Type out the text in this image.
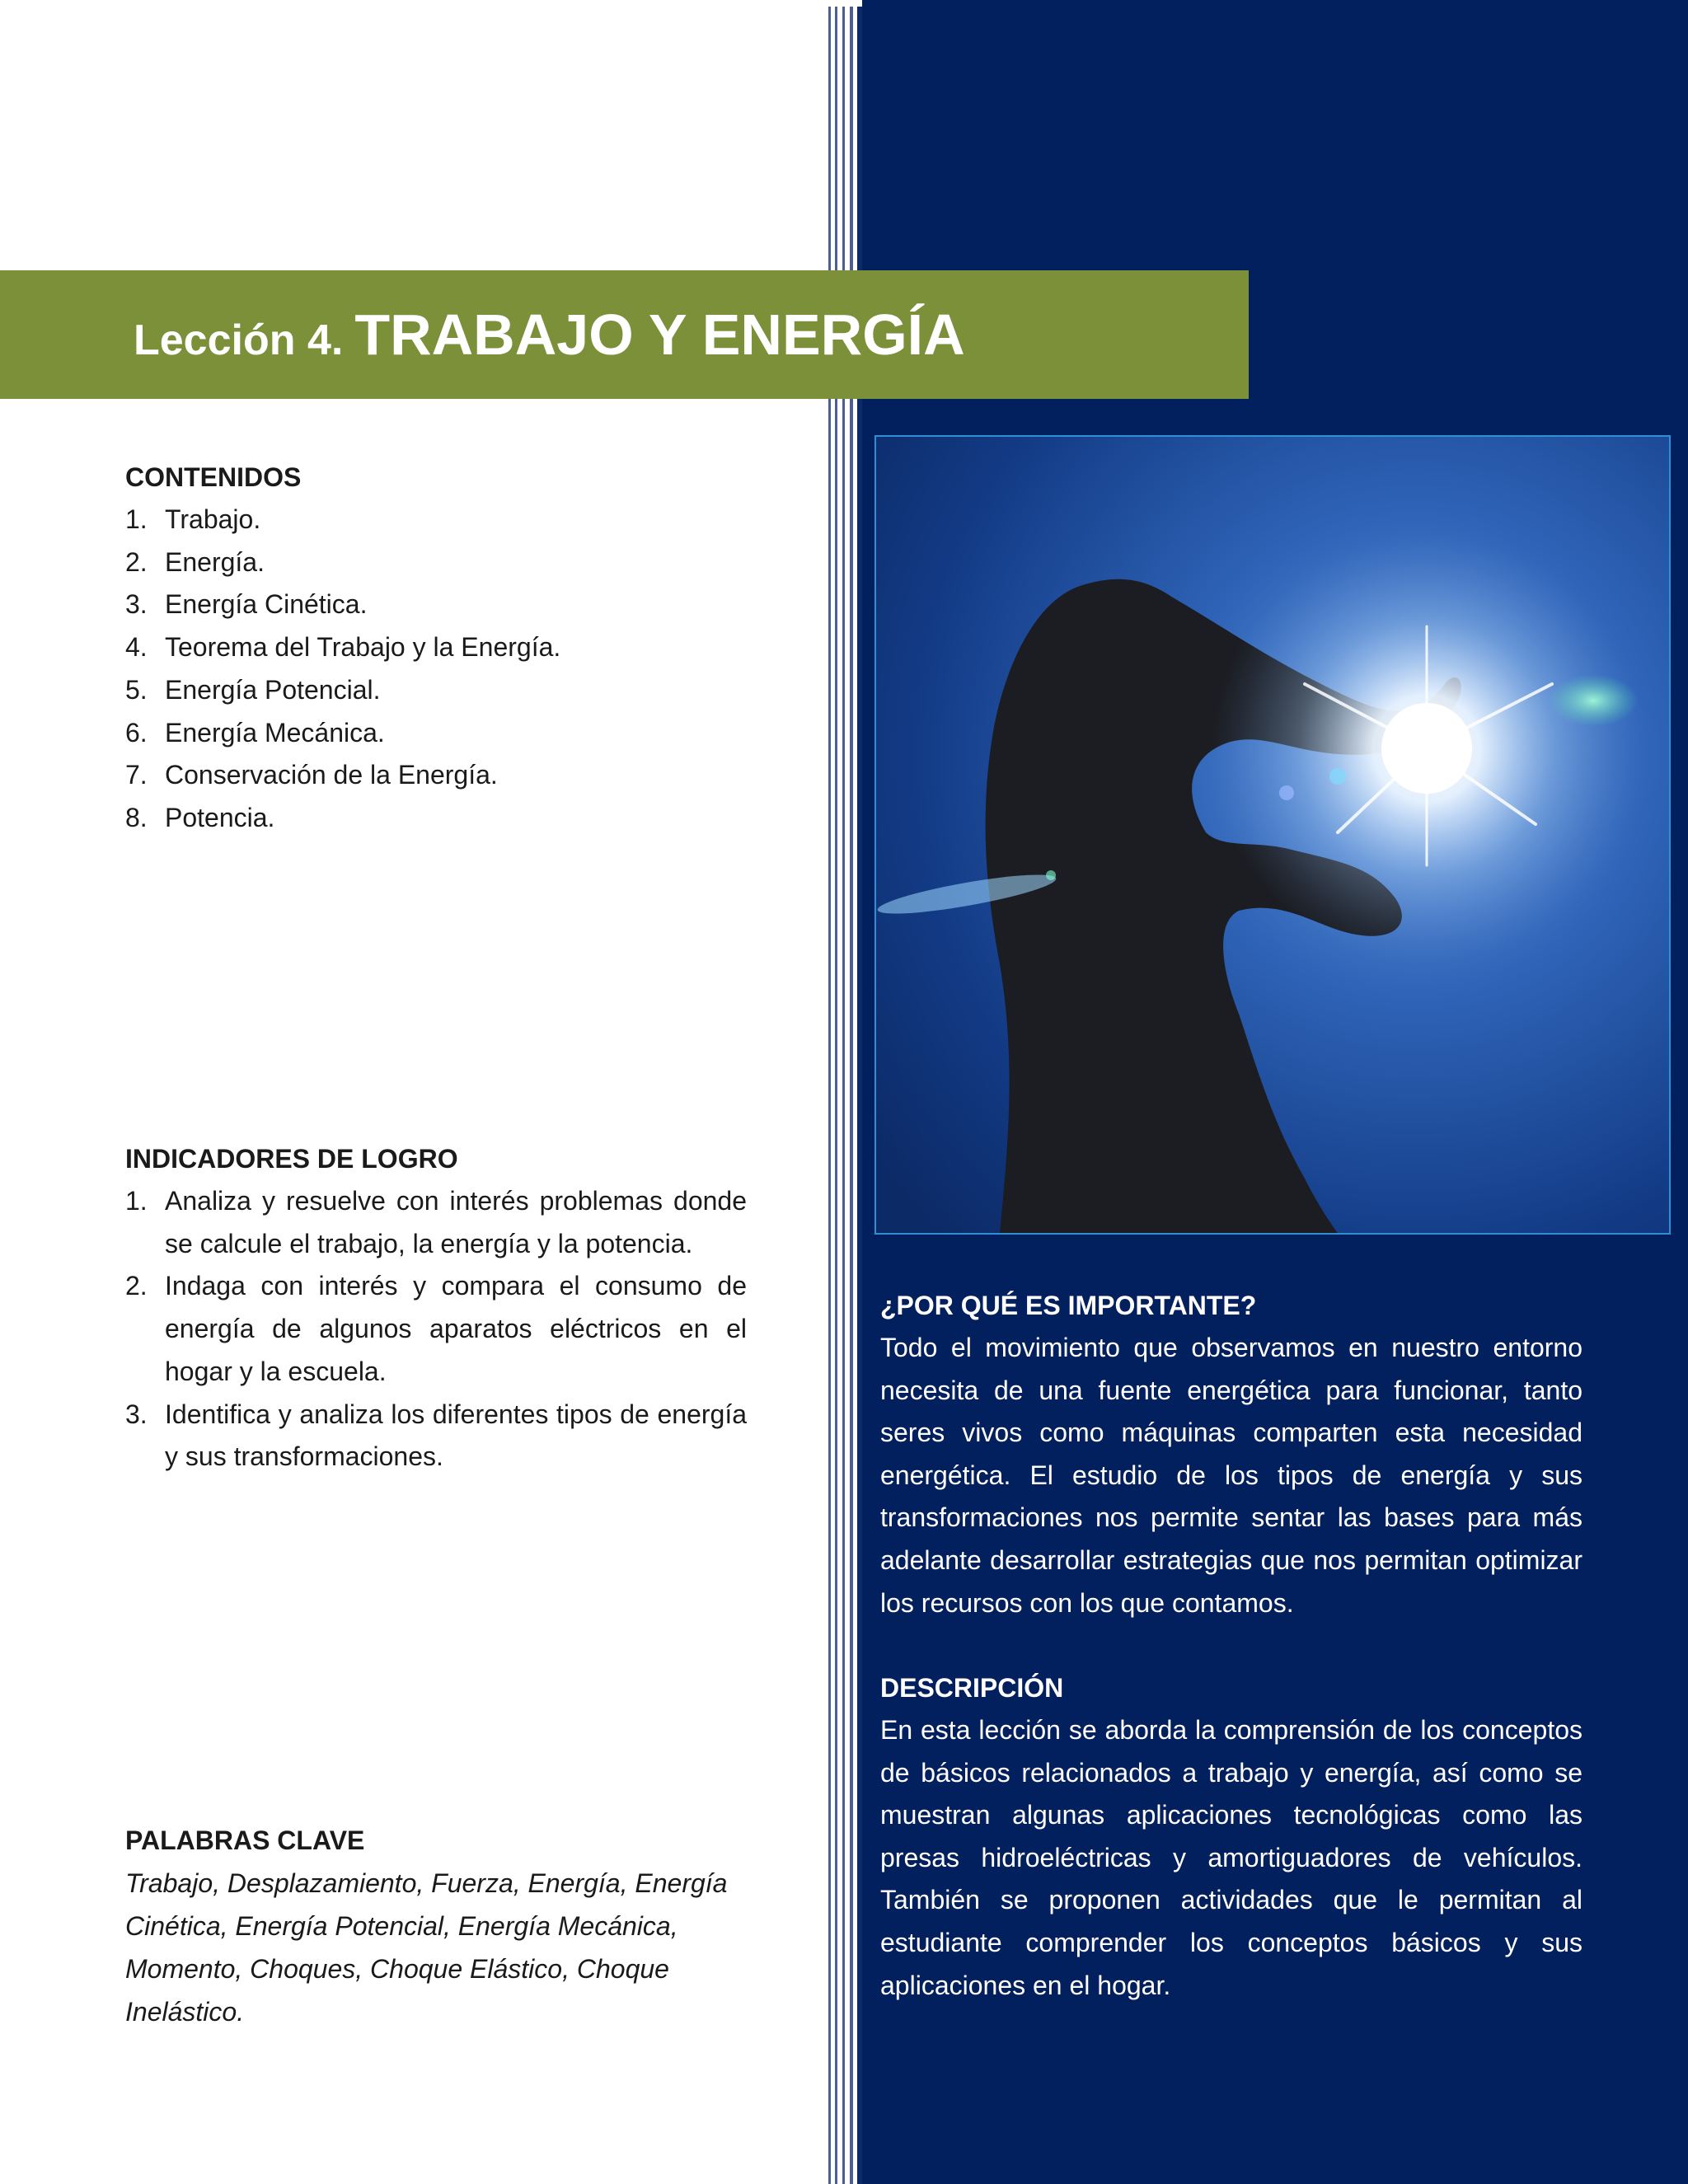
Lección 4. TRABAJO Y ENERGÍA
CONTENIDOS
1. Trabajo.
2. Energía.
3. Energía Cinética.
4. Teorema del Trabajo y la Energía.
5. Energía Potencial.
6. Energía Mecánica.
7. Conservación de la Energía.
8. Potencia.
INDICADORES DE LOGRO
1. Analiza y resuelve con interés problemas donde se calcule el trabajo, la energía y la potencia.
2. Indaga con interés y compara el consumo de energía de algunos aparatos eléctricos en el hogar y la escuela.
3. Identifica y analiza los diferentes tipos de energía y sus transformaciones.
PALABRAS CLAVE

Trabajo, Desplazamiento, Fuerza, Energía, Energía Cinética, Energía Potencial, Energía Mecánica, Momento, Choques, Choque Elástico, Choque Inelástico.

¿POR QUÉ ES IMPORTANTE?

Todo el movimiento que observamos en nuestro entorno necesita de una fuente energética para funcionar, tanto seres vivos como máquinas comparten esta necesidad energética. El estudio de los tipos de energía y sus transformaciones nos permite sentar las bases para más adelante desarrollar estrategias que nos permitan optimizar los recursos con los que contamos.

DESCRIPCIÓN

En esta lección se aborda la comprensión de los conceptos de básicos relacionados a trabajo y energía, así como se muestran algunas aplicaciones tecnológicas como las presas hidroeléctricas y amortiguadores de vehículos. También se proponen actividades que le permitan al estudiante comprender los conceptos básicos y sus aplicaciones en el hogar.
